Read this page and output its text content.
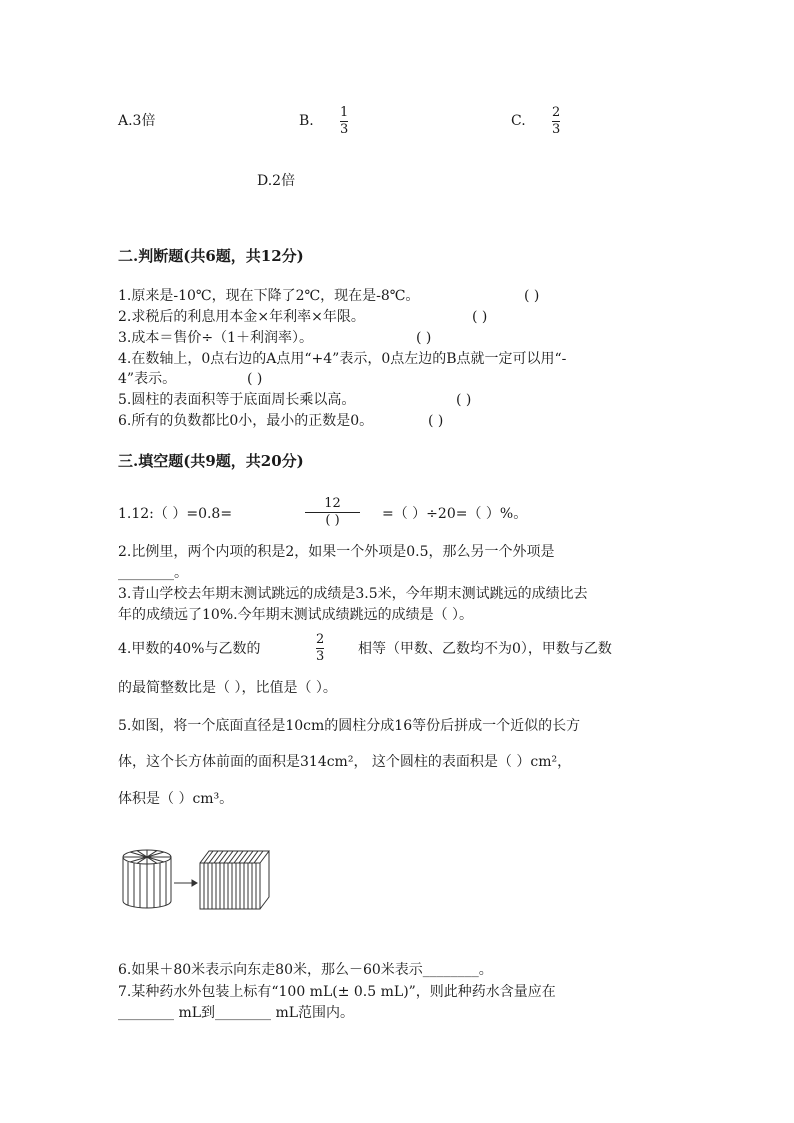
A.3倍	B.
1
3
C.
2
3
D.2倍
二.判断题(共6题，共12分)
1.原来是-10℃，现在下降了2℃，现在是-8℃。	( )
2.求税后的利息用本金×年利率×年限。	( )
3.成本＝售价÷（1＋利润率）。	( )
4.在数轴上，0点右边的A点用“+4”表示，0点左边的B点就一定可以用“-
4”表示。	( )
5.圆柱的表面积等于底面周长乘以高。	( )
6.所有的负数都比0小，最小的正数是0。	( )
三.填空题(共9题，共20分)
1.12:（ ）=0.8=
12
( )	=（ ）÷20=（ ）%。
2.比例里，两个内项的积是2，如果一个外项是0.5，那么另一个外项是
________。
3.青山学校去年期末测试跳远的成绩是3.5米，今年期末测试跳远的成绩比去
年的成绩远了10%.今年期末测试成绩跳远的成绩是（ ）。
4.甲数的40%与乙数的
2
3 相等（甲数、乙数均不为0），甲数与乙数
的最简整数比是（ ），比值是（ ）。
5.如图，将一个底面直径是10cm的圆柱分成16等份后拼成一个近似的长方
体，这个长方体前面的面积是314cm²， 这个圆柱的表面积是（ ）cm²，
体积是（ ）cm³。
6.如果＋80米表示向东走80米，那么－60米表示________。
7.某种药水外包装上标有“100 mL(± 0.5 mL)”，则此种药水含量应在
________ mL到________ mL范围内。
